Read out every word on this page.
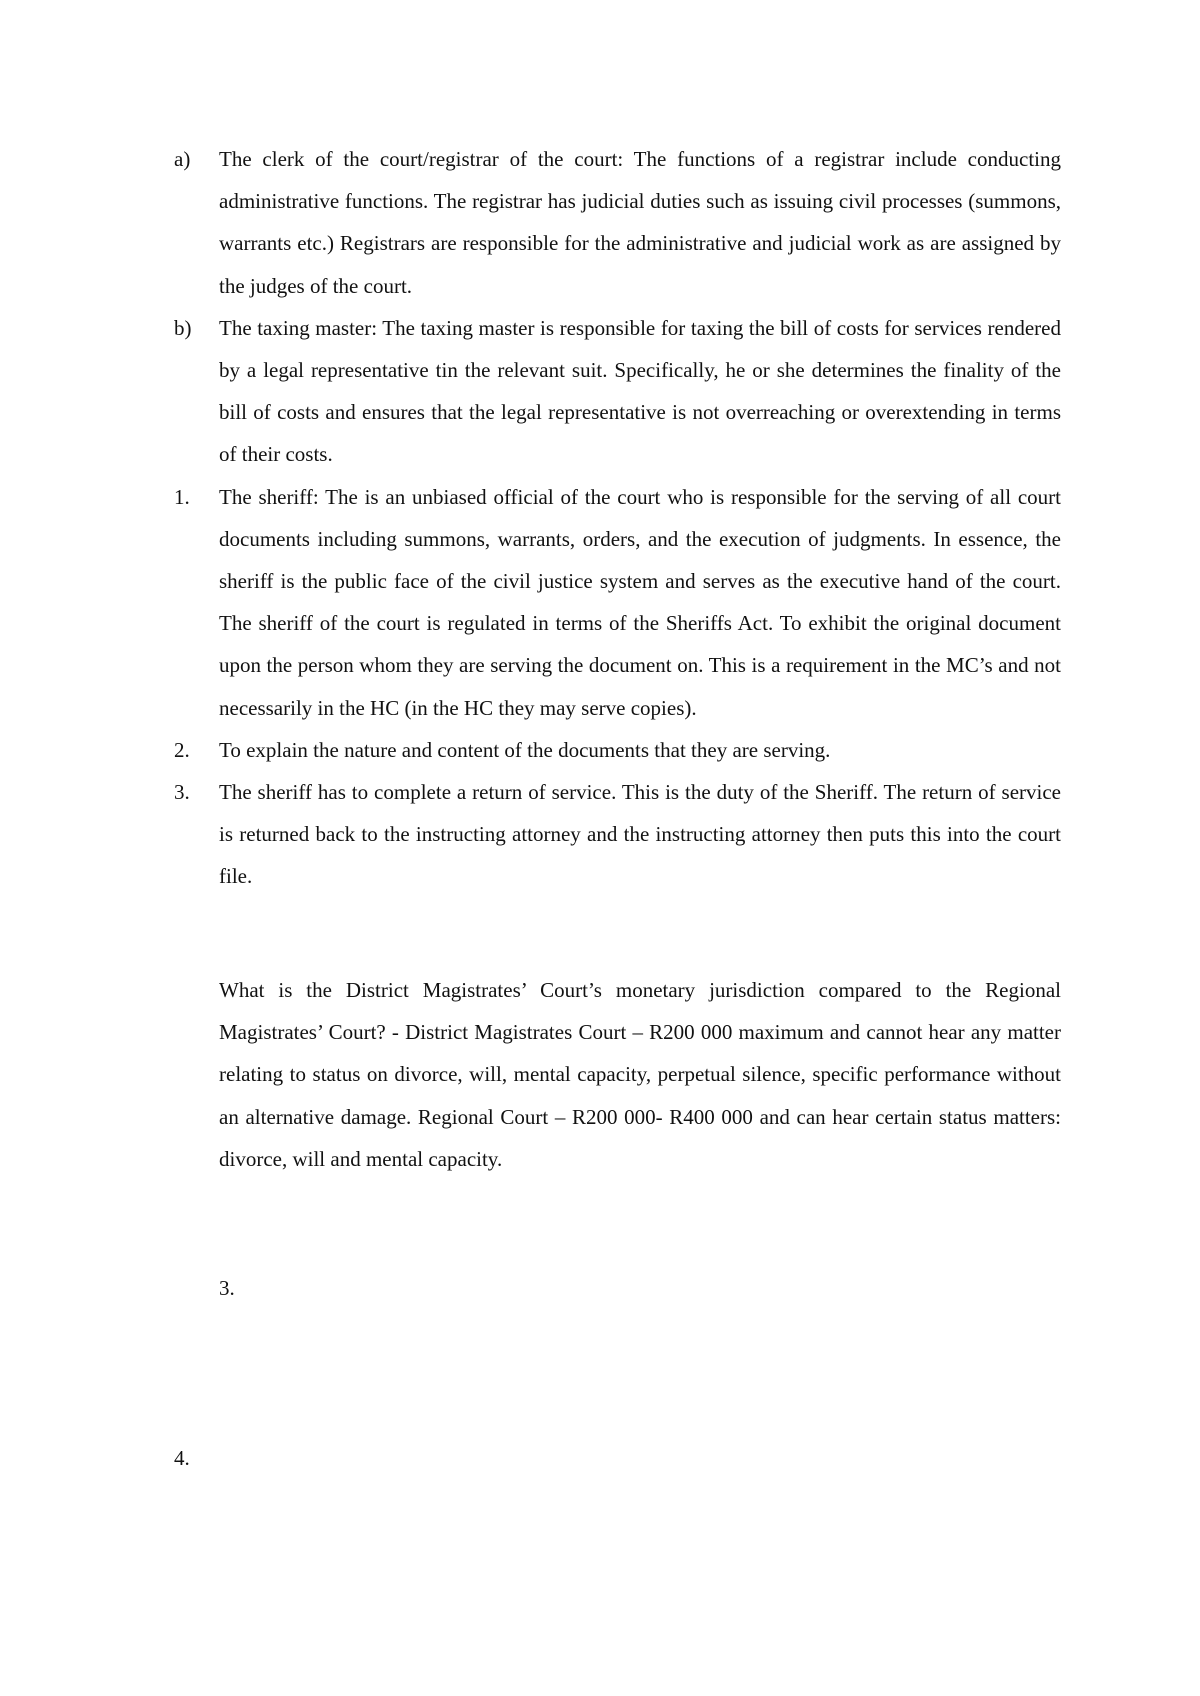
a)	The clerk of the court/registrar of the court: The functions of a registrar include conducting administrative functions. The registrar has judicial duties such as issuing civil processes (summons, warrants etc.) Registrars are responsible for the administrative and judicial work as are assigned by the judges of the court.
b)	The taxing master: The taxing master is responsible for taxing the bill of costs for services rendered by a legal representative tin the relevant suit. Specifically, he or she determines the finality of the bill of costs and ensures that the legal representative is not overreaching or overextending in terms of their costs.
1.	The sheriff: The is an unbiased official of the court who is responsible for the serving of all court documents including summons, warrants, orders, and the execution of judgments. In essence, the sheriff is the public face of the civil justice system and serves as the executive hand of the court. The sheriff of the court is regulated in terms of the Sheriffs Act. To exhibit the original document upon the person whom they are serving the document on. This is a requirement in the MC’s and not necessarily in the HC (in the HC they may serve copies).
2.	To explain the nature and content of the documents that they are serving.
3.	The sheriff has to complete a return of service. This is the duty of the Sheriff. The return of service is returned back to the instructing attorney and the instructing attorney then puts this into the court file.

What is the District Magistrates’ Court’s monetary jurisdiction compared to the Regional Magistrates’ Court? - District Magistrates Court – R200 000 maximum and cannot hear any matter relating to status on divorce, will, mental capacity, perpetual silence, specific performance without an alternative damage. Regional Court – R200 000- R400 000 and can hear certain status matters: divorce, will and mental capacity.

3.

4.
